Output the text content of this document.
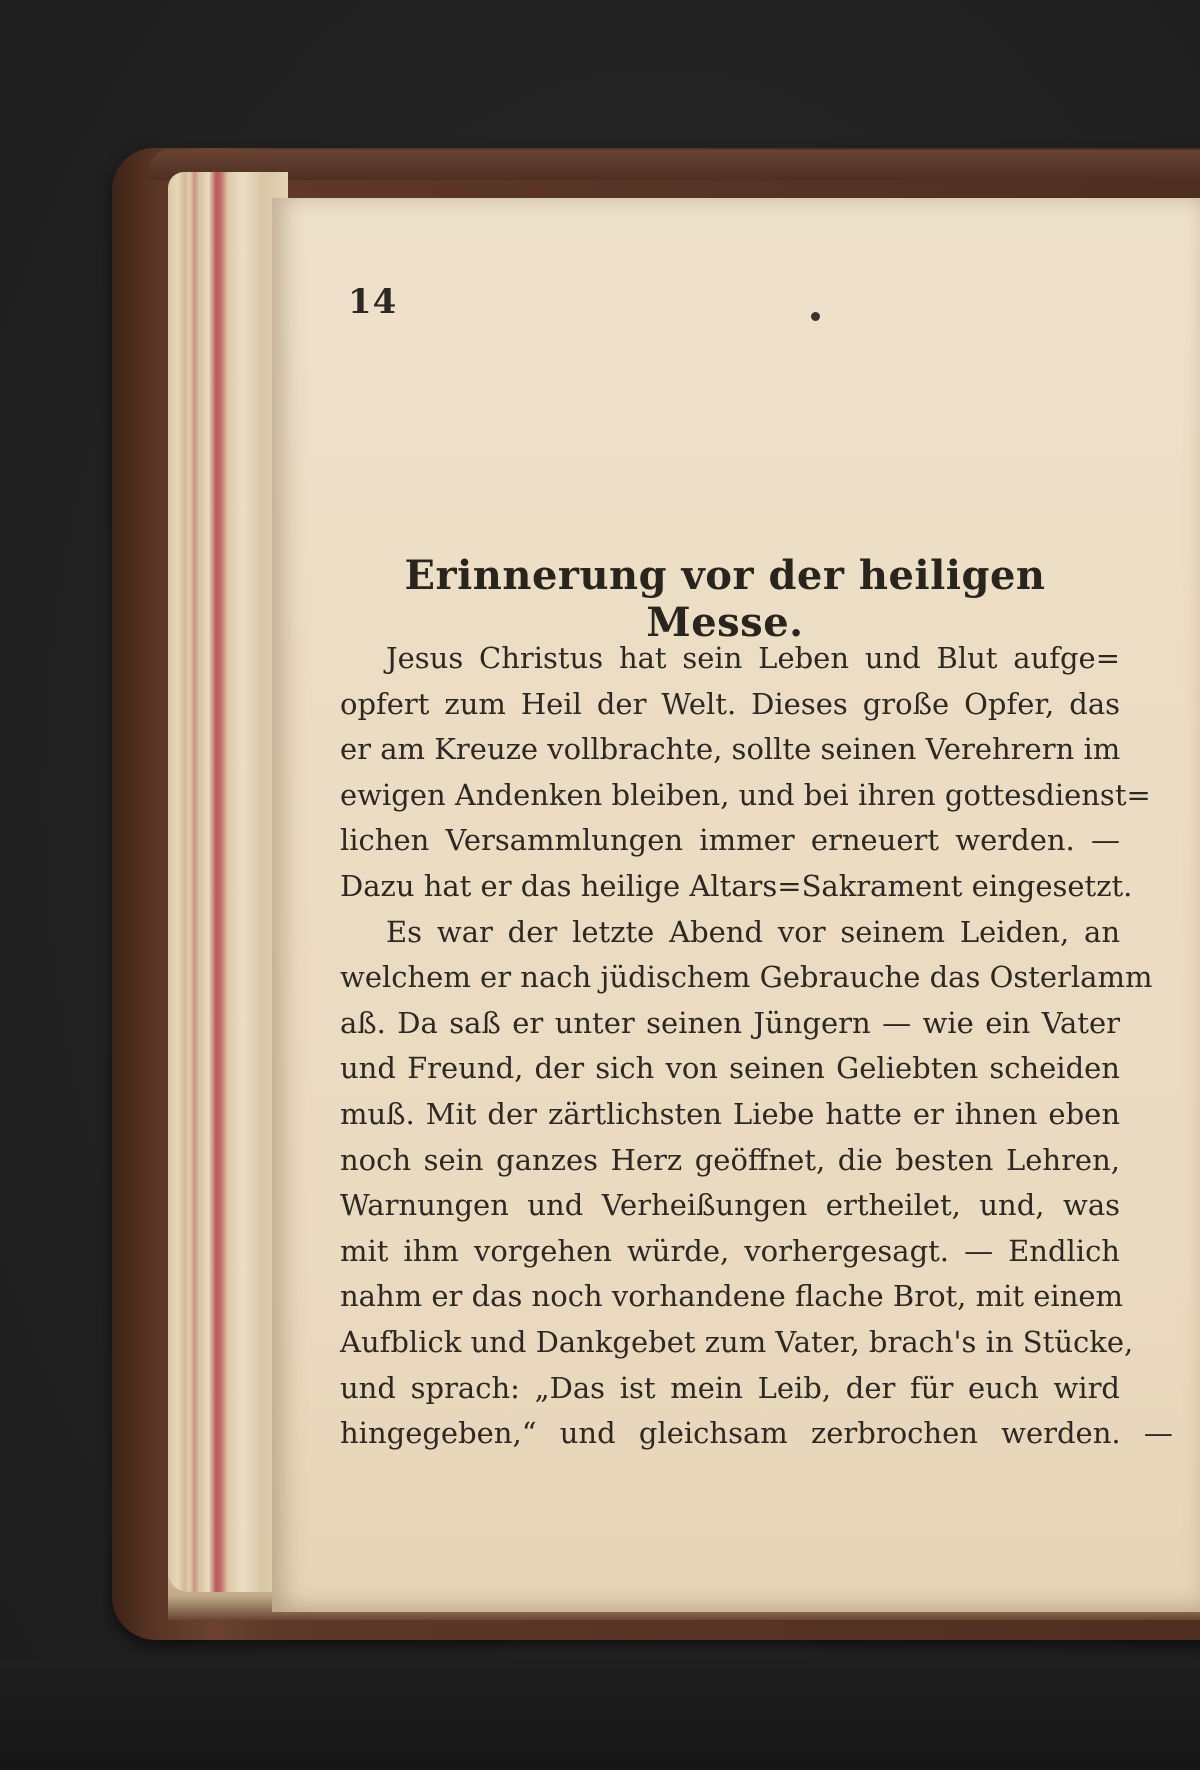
14
Erinnerung vor der heiligen Messe.
Jesus Christus hat sein Leben und Blut aufge=
opfert zum Heil der Welt. Dieses große Opfer, das
er am Kreuze vollbrachte, sollte seinen Verehrern im
ewigen Andenken bleiben, und bei ihren gottesdienst=
lichen Versammlungen immer erneuert werden. —
Dazu hat er das heilige Altars=Sakrament eingesetzt.
Es war der letzte Abend vor seinem Leiden, an
welchem er nach jüdischem Gebrauche das Osterlamm
aß. Da saß er unter seinen Jüngern — wie ein Vater
und Freund, der sich von seinen Geliebten scheiden
muß. Mit der zärtlichsten Liebe hatte er ihnen eben
noch sein ganzes Herz geöffnet, die besten Lehren,
Warnungen und Verheißungen ertheilet, und, was
mit ihm vorgehen würde, vorhergesagt. — Endlich
nahm er das noch vorhandene flache Brot, mit einem
Aufblick und Dankgebet zum Vater, brach's in Stücke,
und sprach: „Das ist mein Leib, der für euch wird
hingegeben,“ und gleichsam zerbrochen werden. —
